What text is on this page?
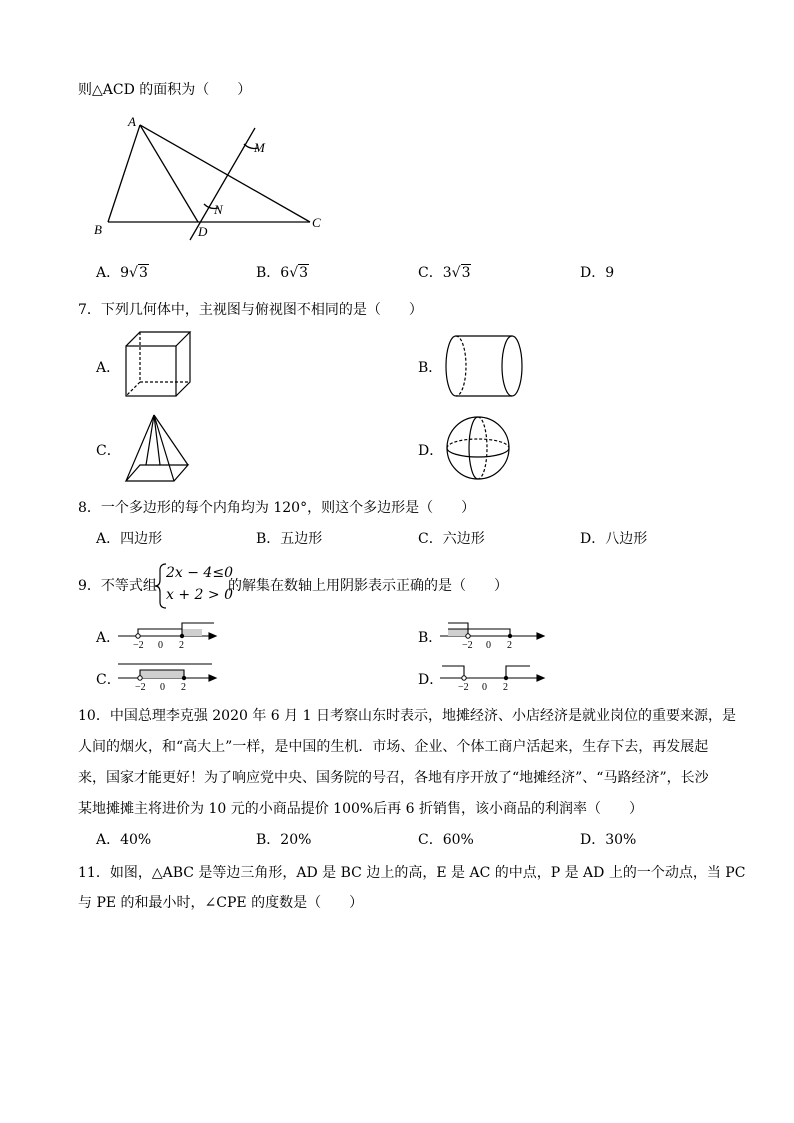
则△ACD 的面积为（　　）
A
B	C
D
M
N
A．9√3	B．6√3	C．3√3	D．9
7．下列几何体中，主视图与俯视图不相同的是（　　）
A．	B．
C．	D．
8．一个多边形的每个内角均为 120°，则这个多边形是（　　）
A．四边形	B．五边形	C．六边形	D．八边形
9．不等式组
2x − 4≤0
x + 2 > 0
的解集在数轴上用阴影表示正确的是（　　）
A． −2 0 2	B． −2 0 2
C． −2 0 2	D． −2 0 2
10．中国总理李克强 2020 年 6 月 1 日考察山东时表示，地摊经济、小店经济是就业岗位的重要来源，是
人间的烟火，和“高大上”一样，是中国的生机．市场、企业、个体工商户活起来，生存下去，再发展起
来，国家才能更好！为了响应党中央、国务院的号召，各地有序开放了“地摊经济”、“马路经济”，长沙
某地摊摊主将进价为 10 元的小商品提价 100%后再 6 折销售，该小商品的利润率（　　）
A．40%	B．20%	C．60%	D．30%
11．如图，△ABC 是等边三角形，AD 是 BC 边上的高，E 是 AC 的中点，P 是 AD 上的一个动点，当 PC
与 PE 的和最小时，∠CPE 的度数是（　　）
